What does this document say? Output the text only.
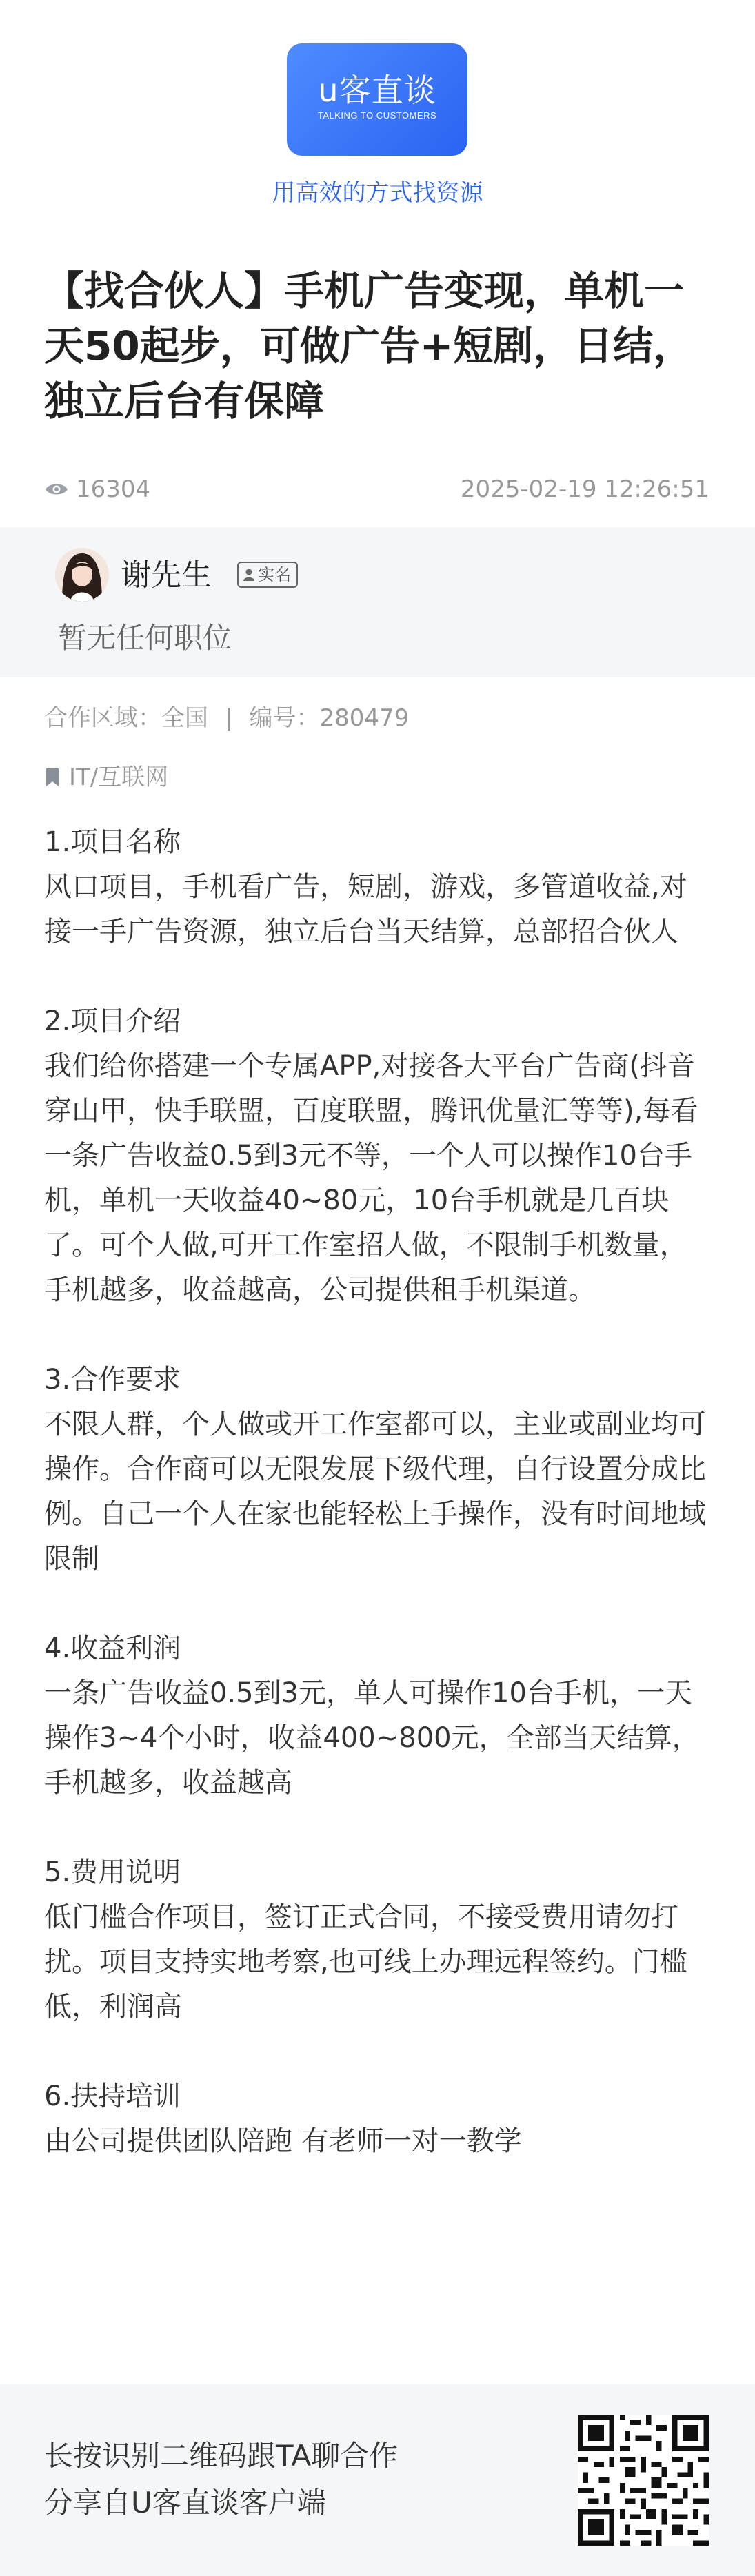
u客直谈
TALKING TO CUSTOMERS
用高效的方式找资源
【找合伙人】手机广告变现，单机一天50起步，可做广告+短剧，日结，独立后台有保障
16304	2025-02-19 12:26:51
谢先生	实名
暂无任何职位
合作区域：全国 | 编号：280479
IT/互联网

1.项目名称

风口项目，手机看广告，短剧，游戏，多管道收益,对接一手广告资源，独立后台当天结算，总部招合伙人

2.项目介绍

我们给你搭建一个专属APP,对接各大平台广告商(抖音穿山甲，快手联盟，百度联盟，腾讯优量汇等等),每看一条广告收益0.5到3元不等，一个人可以操作10台手机，单机一天收益40~80元，10台手机就是几百块了。可个人做,可开工作室招人做，不限制手机数量，手机越多，收益越高，公司提供租手机渠道。

3.合作要求

不限人群，个人做或开工作室都可以，主业或副业均可操作。合作商可以无限发展下级代理，自行设置分成比例。自己一个人在家也能轻松上手操作，没有时间地域限制

4.收益利润

一条广告收益0.5到3元，单人可操作10台手机，一天操作3~4个小时，收益400~800元，全部当天结算，手机越多，收益越高

5.费用说明

低门槛合作项目，签订正式合同，不接受费用请勿打扰。项目支持实地考察,也可线上办理远程签约。门槛低，利润高

6.扶持培训

由公司提供团队陪跑 有老师一对一教学

长按识别二维码跟TA聊合作
分享自U客直谈客户端
